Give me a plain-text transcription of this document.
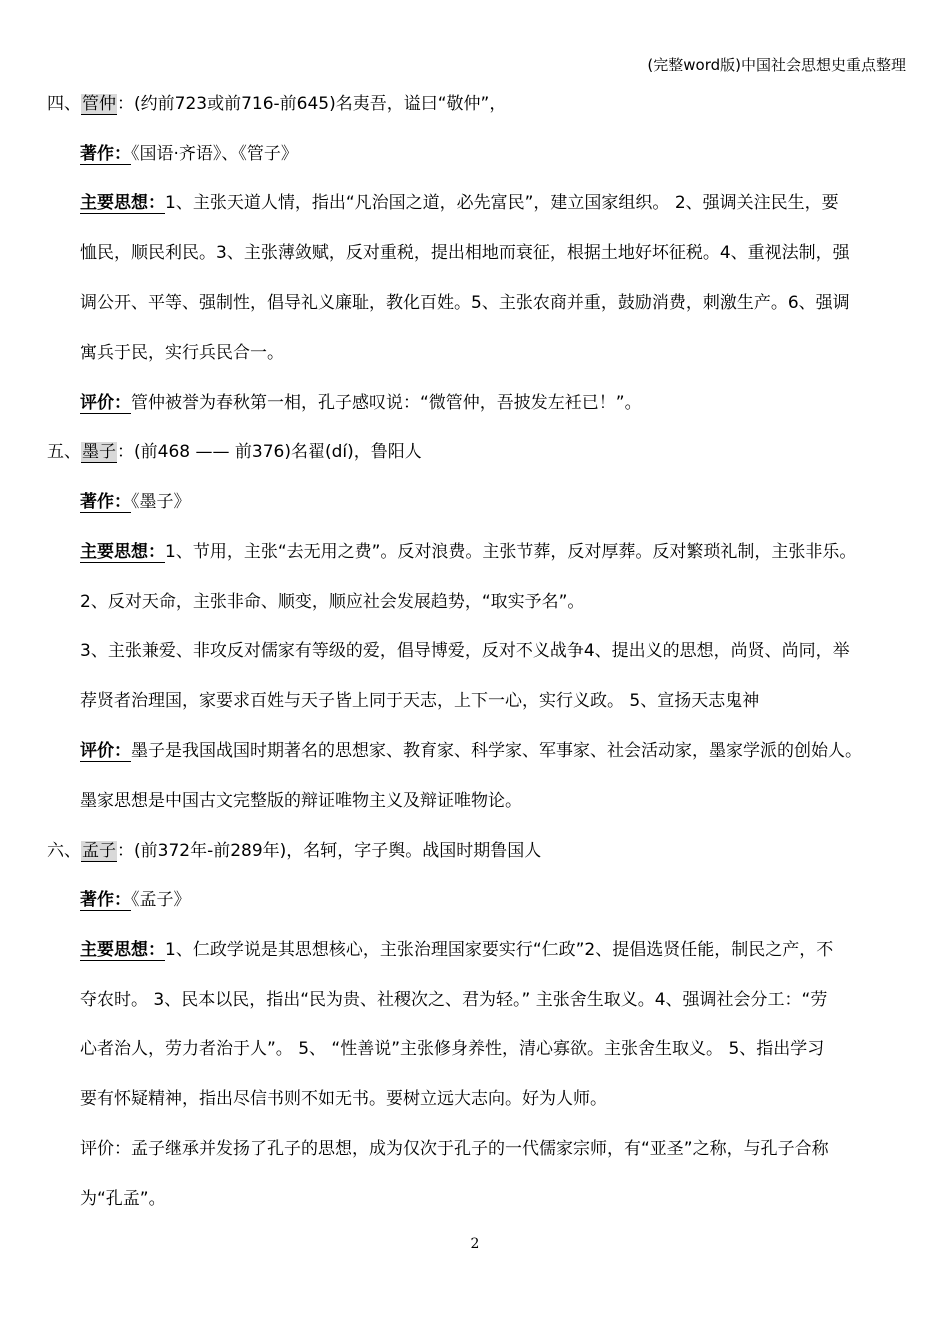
(完整word版)中国社会思想史重点整理
四、管仲：(约前723或前716-前645)名夷吾，谥曰“敬仲”，
著作：《国语·齐语》、《管子》
主要思想：1、主张天道人情，指出“凡治国之道，必先富民”，建立国家组织。 2、强调关注民生，要
恤民，顺民利民。3、主张薄敛赋，反对重税，提出相地而衰征，根据土地好坏征税。4、重视法制，强
调公开、平等、强制性，倡导礼义廉耻，教化百姓。5、主张农商并重，鼓励消费，刺激生产。6、强调
寓兵于民，实行兵民合一。
评价：管仲被誉为春秋第一相，孔子感叹说：“微管仲，吾披发左衽已！”。
五、墨子：(前468 —— 前376)名翟(dí)，鲁阳人
著作：《墨子》
主要思想：1、节用，主张“去无用之费”。反对浪费。主张节葬，反对厚葬。反对繁琐礼制，主张非乐。
2、反对天命，主张非命、顺变，顺应社会发展趋势，“取实予名”。
3、主张兼爱、非攻反对儒家有等级的爱，倡导博爱，反对不义战争4、提出义的思想，尚贤、尚同，举
荐贤者治理国，家要求百姓与天子皆上同于天志，上下一心，实行义政。 5、宣扬天志鬼神
评价：墨子是我国战国时期著名的思想家、教育家、科学家、军事家、社会活动家，墨家学派的创始人。
墨家思想是中国古文完整版的辩证唯物主义及辩证唯物论。
六、孟子：(前372年-前289年)，名轲，字子舆。战国时期鲁国人
著作：《孟子》
主要思想：1、仁政学说是其思想核心，主张治理国家要实行“仁政”2、提倡选贤任能，制民之产，不
夺农时。 3、民本以民，指出“民为贵、社稷次之、君为轻。” 主张舍生取义。4、强调社会分工：“劳
心者治人，劳力者治于人”。 5、 “性善说”主张修身养性，清心寡欲。主张舍生取义。 5、指出学习
要有怀疑精神，指出尽信书则不如无书。要树立远大志向。好为人师。
评价：孟子继承并发扬了孔子的思想，成为仅次于孔子的一代儒家宗师，有“亚圣”之称，与孔子合称
为“孔孟”。
2
